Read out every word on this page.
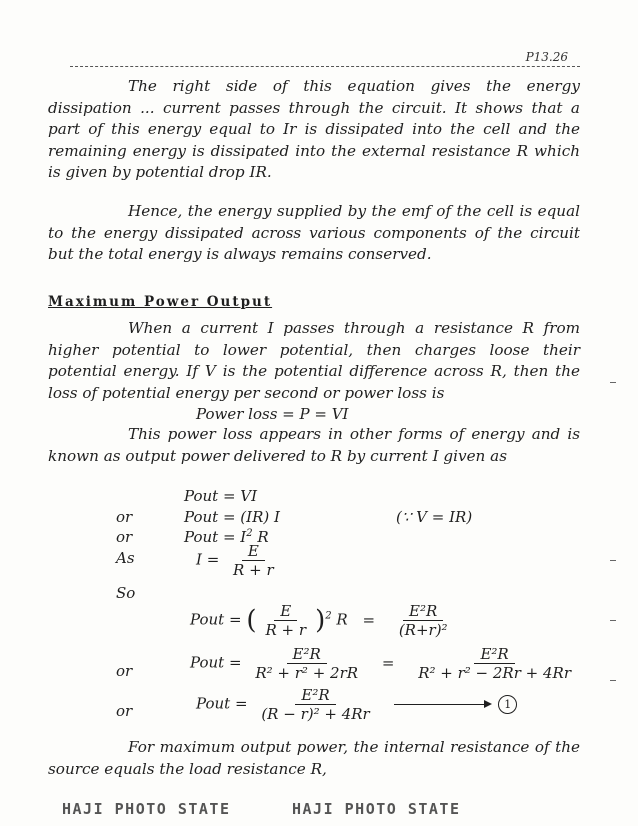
P13.26

The right side of this equation gives the energy dissipation ... current passes through the circuit. It shows that a part of this energy equal to Ir is dissipated into the cell and the remaining energy is dissipated into the external resistance R which is given by potential drop IR.

Hence, the energy supplied by the emf of the cell is equal to the energy dissipated across various components of the circuit but the total energy is always remains conserved.

Maximum Power Output

When a current I passes through a resistance R from higher potential to lower potential, then charges loose their potential energy. If V is the potential difference across R, then the loss of potential energy per second or power loss is

Power loss = P = VI

This power loss appears in other forms of energy and is known as output power delivered to R by current I given as

Pout = VI
or	Pout = (IR) I	(∵ V = IR)
or	Pout = $I^2$ R
As	$I = \frac{E}{R + r}$
So
Pout = ( $\frac{E}{R + r} )^2$ $R = \frac{\text{E²R}}{\text{(R+r)²}}$
or	Pout = $\frac{\text{E²R}}{\text{R² + r² + 2rR}} = \frac{\text{E²R}}{\text{R² + r² − 2Rr + 4Rr}}$
or	Pout = $\frac{\text{E²R}}{\text{(R − r)² + 4Rr}}$	1

For maximum output power, the internal resistance of the source equals the load resistance R,

HAJI PHOTO STATE	HAJI PHOTO STATE
